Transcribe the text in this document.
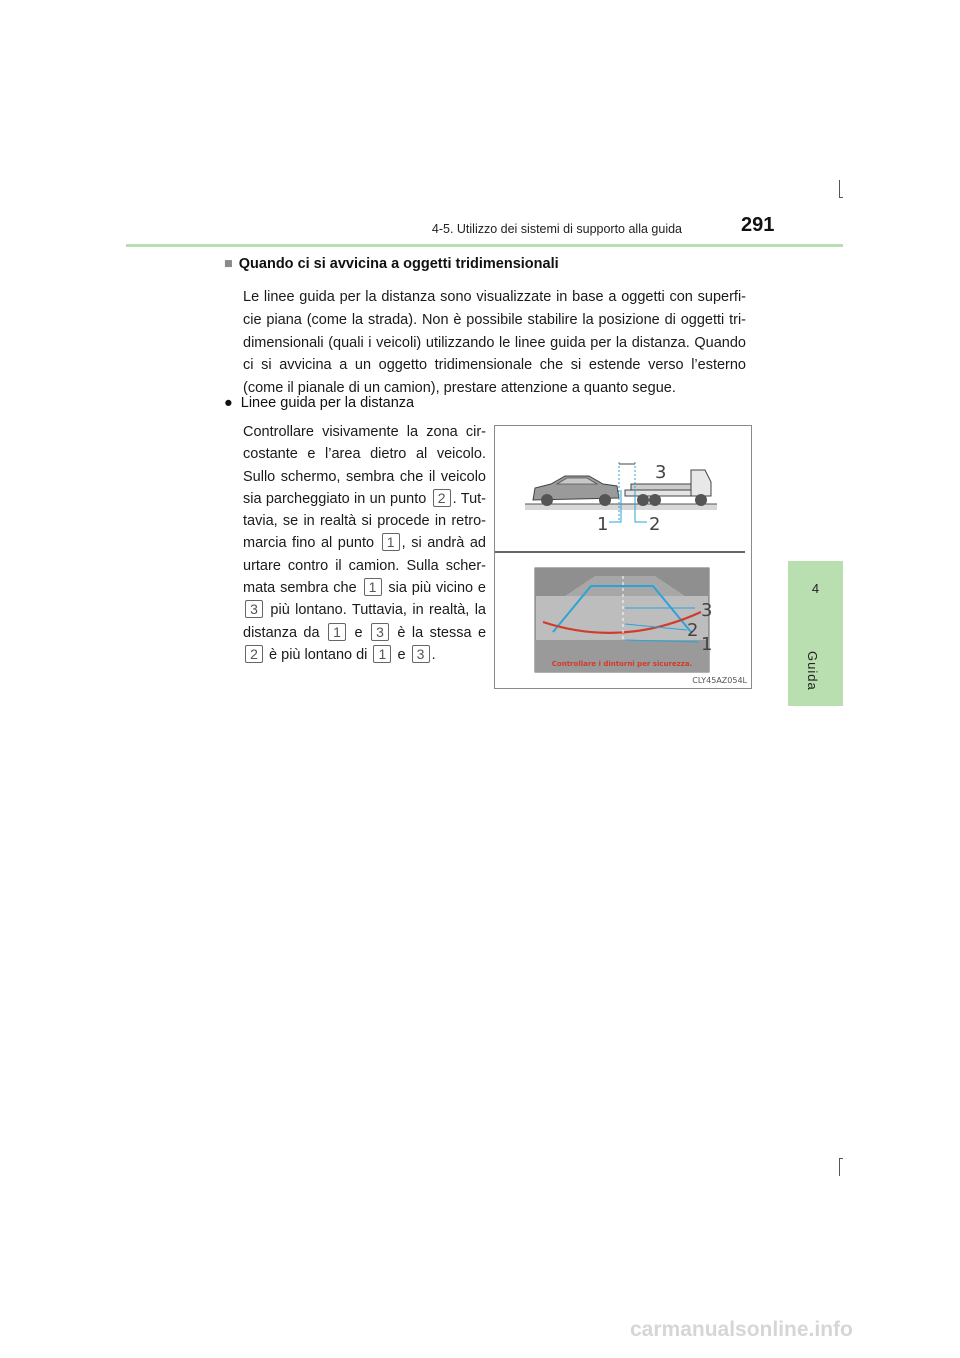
4-5. Utilizzo dei sistemi di supporto alla guida	291
4
Guida
■ Quando ci si avvicina a oggetti tridimensionali

Le linee guida per la distanza sono visualizzate in base a oggetti con superfi-cie piana (come la strada). Non è possibile stabilire la posizione di oggetti tri-dimensionali (quali i veicoli) utilizzando le linee guida per la distanza. Quando ci si avvicina a un oggetto tridimensionale che si estende verso l’esterno (come il pianale di un camion), prestare attenzione a quanto segue.

● Linee guida per la distanza

Controllare visivamente la zona cir-costante e l’area dietro al veicolo. Sullo schermo, sembra che il veicolo sia parcheggiato in un punto 2 . Tut-tavia, se in realtà si procede in retro-marcia fino al punto 1 , si andrà ad urtare contro il camion. Sulla scher-mata sembra che 1 sia più vicino e 3 più lontano. Tuttavia, in realtà, la distanza da 1 e 3 è la stessa e 2 è più lontano di 1 e 3 .

3
1 2
Controllare i dintorni per sicurezza.
3
2
1
CLY45AZ054L
carmanualsonline.info
